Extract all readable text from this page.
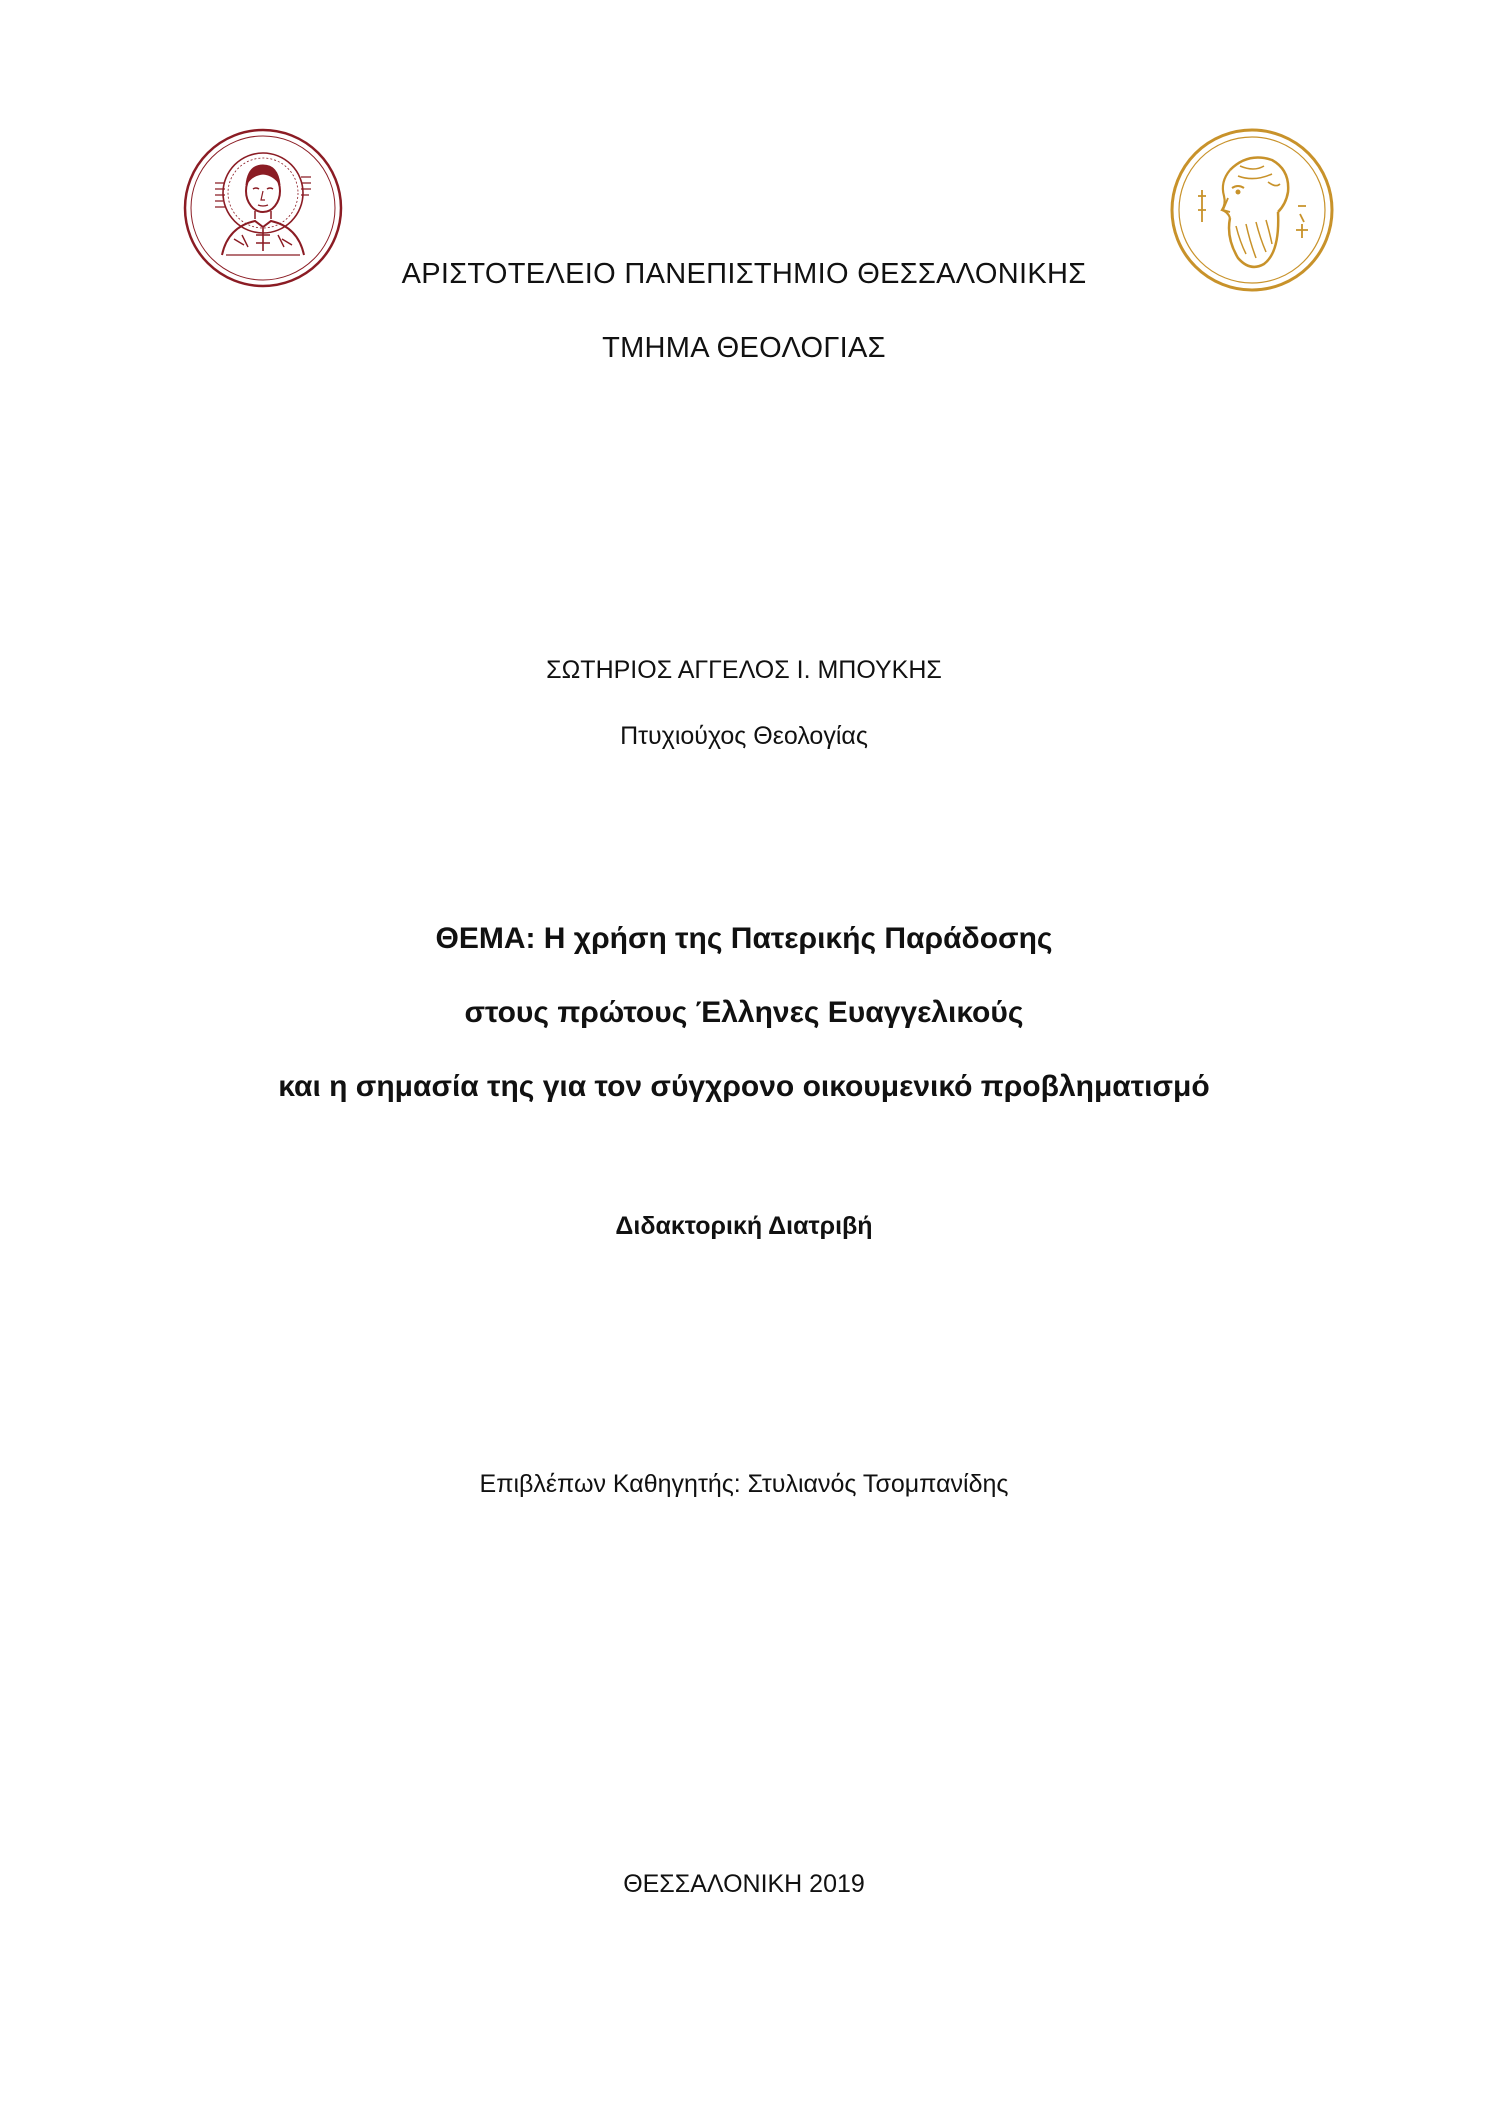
ΑΡΙΣΤΟΤΕΛΕΙΟ ΠΑΝΕΠΙΣΤΗΜΙΟ ΘΕΣΣΑΛΟΝΙΚΗΣ
ΤΜΗΜΑ ΘΕΟΛΟΓΙΑΣ
ΣΩΤΗΡΙΟΣ ΑΓΓΕΛΟΣ Ι. ΜΠΟΥΚΗΣ
Πτυχιούχος Θεολογίας
ΘΕΜΑ: Η χρήση της Πατερικής Παράδοσης
στους πρώτους Έλληνες Ευαγγελικούς
και η σημασία της για τον σύγχρονο οικουμενικό προβληματισμό
Διδακτορική Διατριβή
Επιβλέπων Καθηγητής: Στυλιανός Τσομπανίδης
ΘΕΣΣΑΛΟΝΙΚΗ 2019
